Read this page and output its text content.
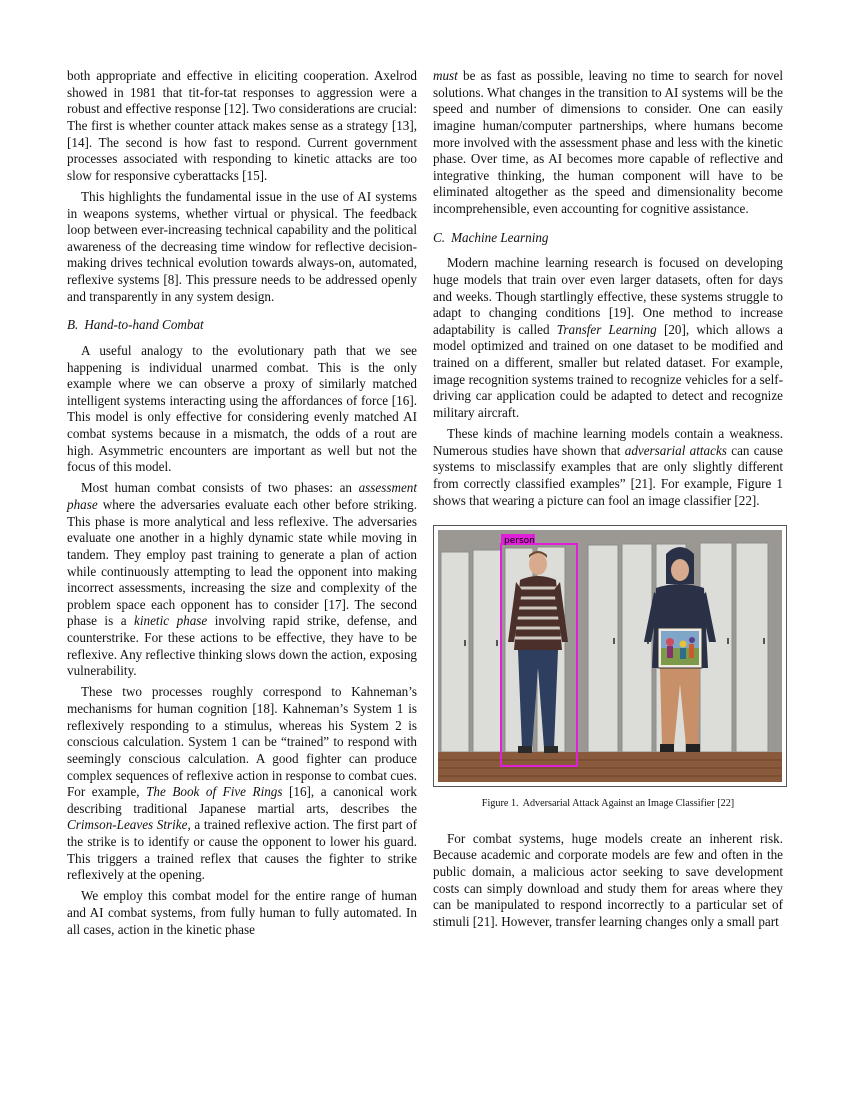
both appropriate and effective in eliciting cooperation. Axelrod showed in 1981 that tit-for-tat responses to aggression were a robust and effective response [12]. Two considerations are crucial: The first is whether counter attack makes sense as a strategy [13], [14]. The second is how fast to respond. Current government processes associated with responding to kinetic attacks are too slow for responsive cyberattacks [15].

This highlights the fundamental issue in the use of AI systems in weapons systems, whether virtual or physical. The feedback loop between ever-increasing technical capability and the political awareness of the decreasing time window for reflective decision-making drives technical evolution towards always-on, automated, reflexive systems [8]. This pressure needs to be addressed openly and transparently in any system design.

B. Hand-to-hand Combat

A useful analogy to the evolutionary path that we see happening is individual unarmed combat. This is the only example where we can observe a proxy of similarly matched intelligent systems interacting using the affordances of force [16]. This model is only effective for considering evenly matched AI combat systems because in a mismatch, the odds of a rout are high. Asymmetric encounters are important as well but not the focus of this model.

Most human combat consists of two phases: an assessment phase where the adversaries evaluate each other before striking. This phase is more analytical and less reflexive. The adversaries evaluate one another in a highly dynamic state while moving in tandem. They employ past training to generate a plan of action while continuously attempting to lead the opponent into making incorrect assessments, increasing the size and complexity of the problem space each opponent has to consider [17]. The second phase is a kinetic phase involving rapid strike, defense, and counterstrike. For these actions to be effective, they have to be reflexive. Any reflective thinking slows down the action, exposing vulnerability.

These two processes roughly correspond to Kahneman’s mechanisms for human cognition [18]. Kahneman’s System 1 is reflexively responding to a stimulus, whereas his System 2 is conscious calculation. System 1 can be “trained” to respond with seemingly conscious calculation. A good fighter can produce complex sequences of reflexive action in response to combat cues. For example, The Book of Five Rings [16], a canonical work describing traditional Japanese martial arts, describes the Crimson-Leaves Strike, a trained reflexive action. The first part of the strike is to identify or cause the opponent to lower his guard. This triggers a trained reflex that causes the fighter to strike reflexively at the opening.

We employ this combat model for the entire range of human and AI combat systems, from fully human to fully automated. In all cases, action in the kinetic phase

must be as fast as possible, leaving no time to search for novel solutions. What changes in the transition to AI systems will be the speed and number of dimensions to consider. One can easily imagine human/computer partnerships, where humans become more involved with the assessment phase and less with the kinetic phase. Over time, as AI becomes more capable of reflective and integrative thinking, the human component will have to be eliminated altogether as the speed and dimensionality become incomprehensible, even accounting for cognitive assistance.

C. Machine Learning

Modern machine learning research is focused on developing huge models that train over even larger datasets, often for days and weeks. Though startlingly effective, these systems struggle to adapt to changing conditions [19]. One method to increase adaptability is called Transfer Learning [20], which allows a model optimized and trained on one dataset to be modified and trained on a different, smaller but related dataset. For example, image recognition systems trained to recognize vehicles for a self-driving car application could be adapted to detect and recognize military aircraft.

These kinds of machine learning models contain a weakness. Numerous studies have shown that adversarial attacks can cause systems to misclassify examples that are only slightly different from correctly classified examples” [21]. For example, Figure 1 shows that wearing a picture can fool an image classifier [22].

person
Figure 1. Adversarial Attack Against an Image Classifier [22]

For combat systems, huge models create an inherent risk. Because academic and corporate models are few and often in the public domain, a malicious actor seeking to save development costs can simply download and study them for areas where they can be manipulated to respond incorrectly to a particular set of stimuli [21]. However, transfer learning changes only a small part
